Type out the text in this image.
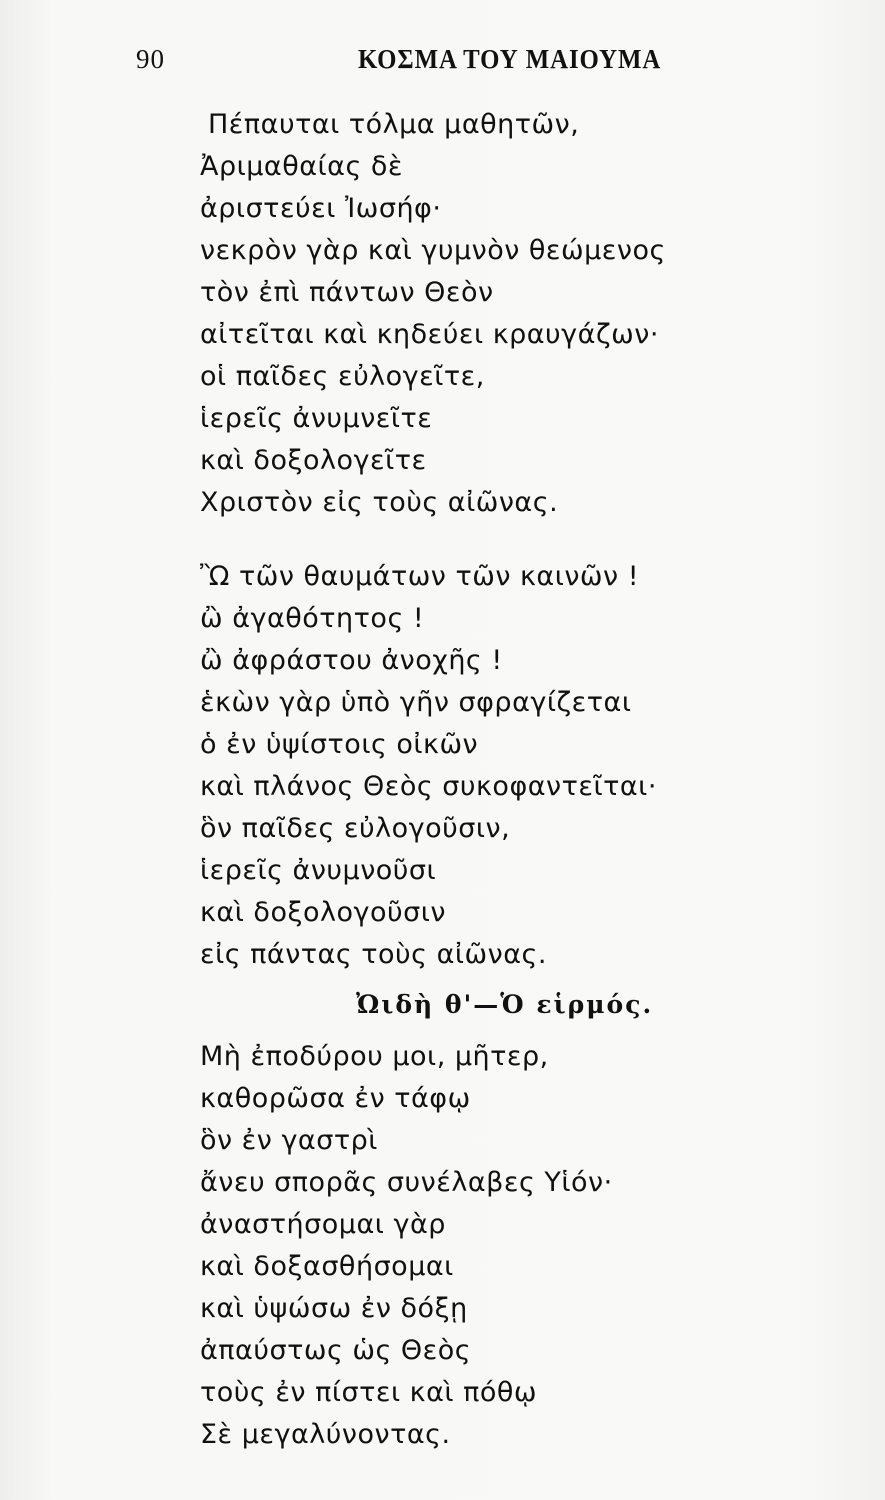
90	ΚΟΣΜΑ ΤΟΥ ΜΑΙΟΥΜΑ
Πέπαυται τόλμα μαθητῶν,
Ἀριμαθαίας δὲ
ἀριστεύει Ἰωσήφ·
νεκρὸν γὰρ καὶ γυμνὸν θεώμενος
τὸν ἐπὶ πάντων Θεὸν
αἰτεῖται καὶ κηδεύει κραυγάζων·
οἱ παῖδες εὐλογεῖτε,
ἱερεῖς ἀνυμνεῖτε
καὶ δοξολογεῖτε
Χριστὸν εἰς τοὺς αἰῶνας.
Ὢ τῶν θαυμάτων τῶν καινῶν !
ὢ ἀγαθότητος !
ὢ ἀφράστου ἀνοχῆς !
ἑκὼν γὰρ ὑπὸ γῆν σφραγίζεται
ὁ ἐν ὑψίστοις οἰκῶν
καὶ πλάνος Θεὸς συκοφαντεῖται·
ὃν παῖδες εὐλογοῦσιν,
ἱερεῖς ἀνυμνοῦσι
καὶ δοξολογοῦσιν
εἰς πάντας τοὺς αἰῶνας.
Ὠιδὴ θ'—Ὁ εἱρμός.
Μὴ ἐποδύρου μοι, μῆτερ,
καθορῶσα ἐν τάφῳ
ὃν ἐν γαστρὶ
ἄνευ σπορᾶς συνέλαβες Υἱόν·
ἀναστήσομαι γὰρ
καὶ δοξασθήσομαι
καὶ ὑψώσω ἐν δόξῃ
ἀπαύστως ὡς Θεὸς
τοὺς ἐν πίστει καὶ πόθῳ
Σὲ μεγαλύνοντας.
